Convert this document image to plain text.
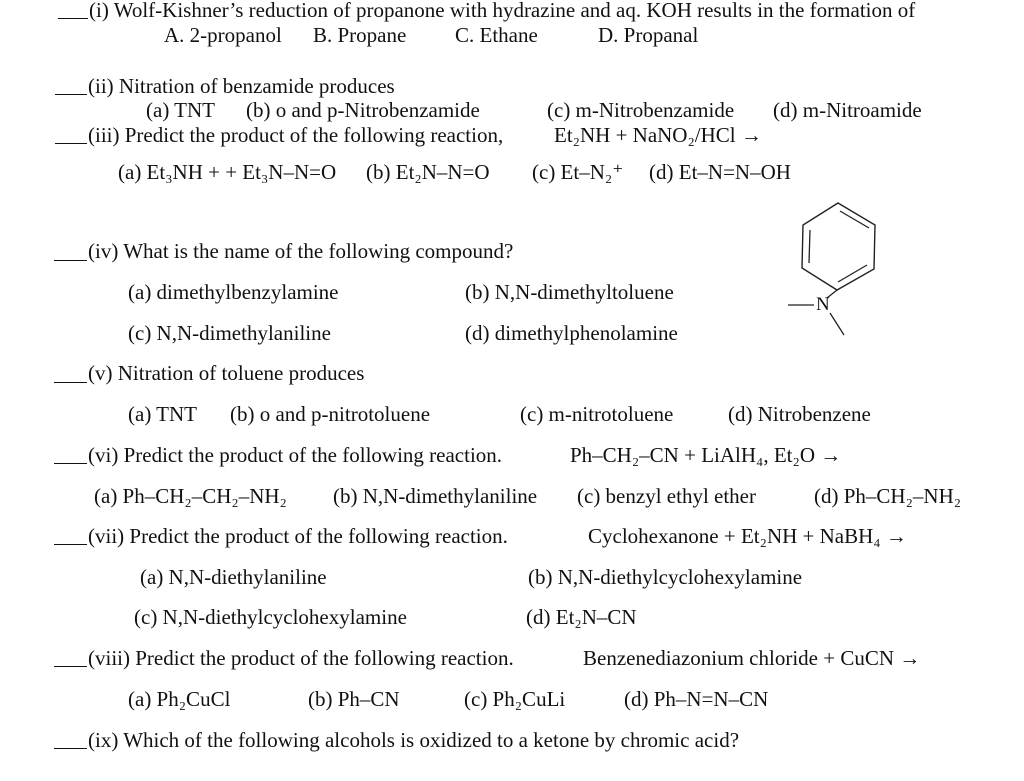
(i) Wolf-Kishner’s reduction of propanone with hydrazine and aq. KOH results in the formation of
A. 2-propanol B. Propane C. Ethane	D. Propanal
(ii) Nitration of benzamide produces
(a) TNT (b) o and p-Nitrobenzamide	(c) m-Nitrobenzamide (d) m-Nitroamide
(iii) Predict the product of the following reaction, Et₂NH + NaNO₂/HCl →
(a) Et₃NH + + Et₃N–N=O (b) Et₂N–N=O (c) Et–N₂⁺ (d) Et–N=N–OH
(iv) What is the name of the following compound?
(a) dimethylbenzylamine	(b) N,N-dimethyltoluene
(c) N,N-dimethylaniline	(d) dimethylphenolamine
N
(v) Nitration of toluene produces
(a) TNT (b) o and p-nitrotoluene	(c) m-nitrotoluene	(d) Nitrobenzene
(vi) Predict the product of the following reaction.	Ph–CH₂–CN + LiAlH₄, Et₂O →
(a) Ph–CH₂–CH₂–NH₂ (b) N,N-dimethylaniline (c) benzyl ethyl ether	(d) Ph–CH₂–NH₂
(vii) Predict the product of the following reaction.	Cyclohexanone + Et₂NH + NaBH₄ →
(a) N,N-diethylaniline	(b) N,N-diethylcyclohexylamine
(c) N,N-diethylcyclohexylamine	(d) Et₂N–CN
(viii) Predict the product of the following reaction.	Benzenediazonium chloride + CuCN →
(a) Ph₂CuCl	(b) Ph–CN	(c) Ph₂CuLi	(d) Ph–N=N–CN
(ix) Which of the following alcohols is oxidized to a ketone by chromic acid?
